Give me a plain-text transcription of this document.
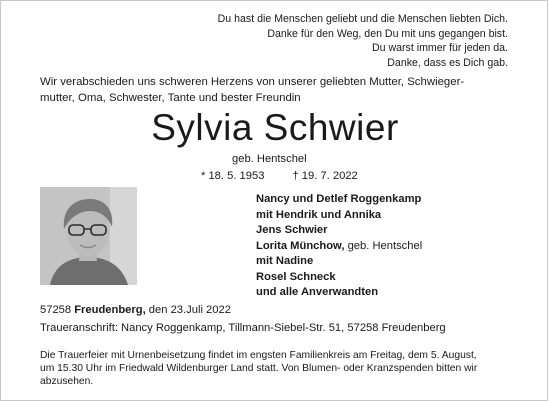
Du hast die Menschen geliebt und die Menschen liebten Dich.
Danke für den Weg, den Du mit uns gegangen bist.
Du warst immer für jeden da.
Danke, dass es Dich gab.
Wir verabschieden uns schweren Herzens von unserer geliebten Mutter, Schwieger-
mutter, Oma, Schwester, Tante und bester Freundin
Sylvia Schwier
geb. Hentschel
* 18. 5. 1953	† 19. 7. 2022
Nancy und Detlef Roggenkamp
mit Hendrik und Annika
Jens Schwier
Lorita Münchow, geb. Hentschel
mit Nadine
Rosel Schneck
und alle Anverwandten
57258 Freudenberg, den 23.Juli 2022
Traueranschrift: Nancy Roggenkamp, Tillmann-Siebel-Str. 51, 57258 Freudenberg
Die Trauerfeier mit Urnenbeisetzung findet im engsten Familienkreis am Freitag, dem 5. August,
um 15.30 Uhr im Friedwald Wildenburger Land statt. Von Blumen- oder Kranzspenden bitten wir
abzusehen.
